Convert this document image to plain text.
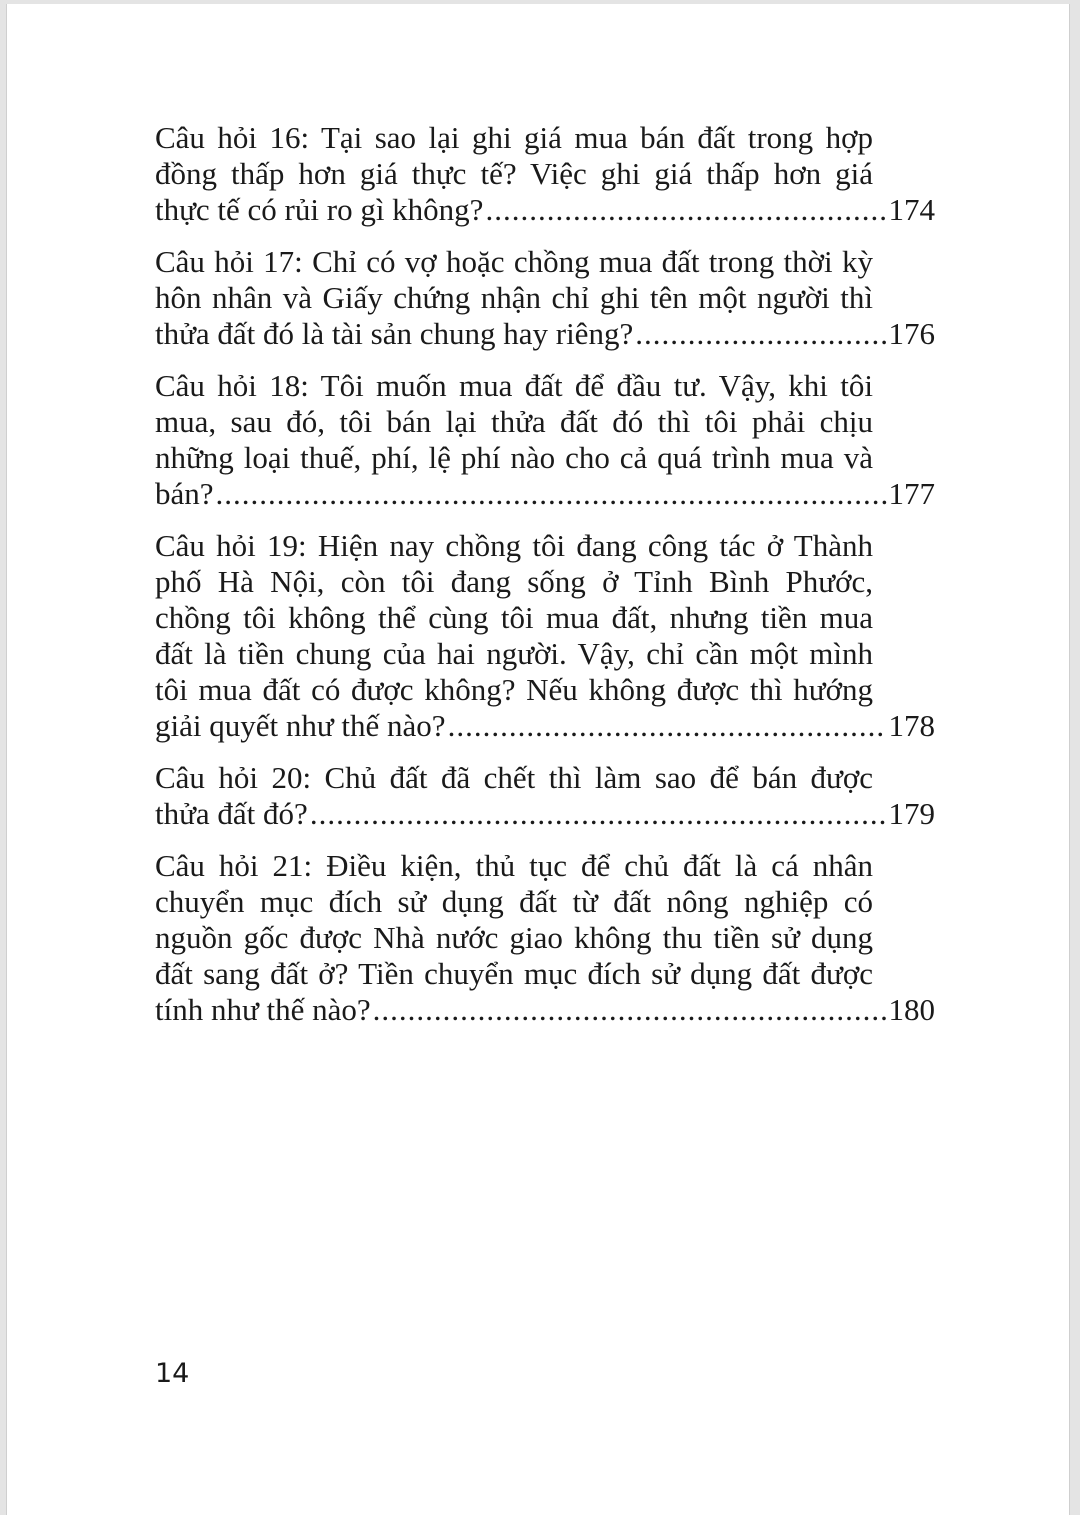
Câu hỏi 16: Tại sao lại ghi giá mua bán đất trong hợp

đồng thấp hơn giá thực tế? Việc ghi giá thấp hơn giá

thực tế có rủi ro gì không? .....	174

Câu hỏi 17: Chỉ có vợ hoặc chồng mua đất trong thời kỳ

hôn nhân và Giấy chứng nhận chỉ ghi tên một người thì

thửa đất đó là tài sản chung hay riêng? .....	176

Câu hỏi 18: Tôi muốn mua đất để đầu tư. Vậy, khi tôi

mua, sau đó, tôi bán lại thửa đất đó thì tôi phải chịu

những loại thuế, phí, lệ phí nào cho cả quá trình mua và

bán? .....	177

Câu hỏi 19: Hiện nay chồng tôi đang công tác ở Thành

phố Hà Nội, còn tôi đang sống ở Tỉnh Bình Phước,

chồng tôi không thể cùng tôi mua đất, nhưng tiền mua

đất là tiền chung của hai người. Vậy, chỉ cần một mình

tôi mua đất có được không? Nếu không được thì hướng

giải quyết như thế nào? .....	178

Câu hỏi 20: Chủ đất đã chết thì làm sao để bán được

thửa đất đó? .....	179

Câu hỏi 21: Điều kiện, thủ tục để chủ đất là cá nhân

chuyển mục đích sử dụng đất từ đất nông nghiệp có

nguồn gốc được Nhà nước giao không thu tiền sử dụng

đất sang đất ở? Tiền chuyển mục đích sử dụng đất được

tính như thế nào? .....	180

14
